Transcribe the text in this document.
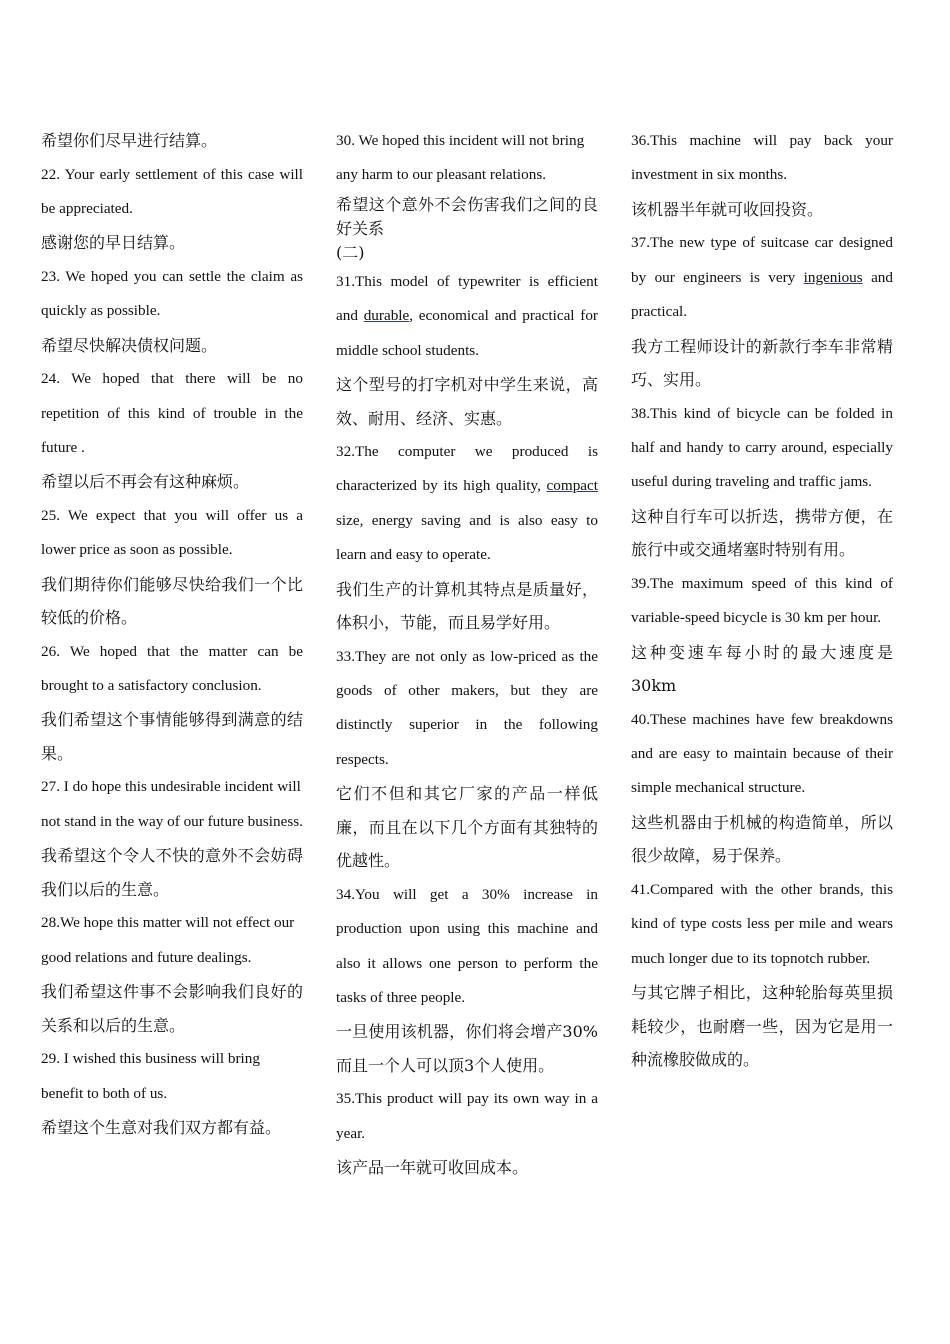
希望你们尽早进行结算。

22. Your early settlement of this case will be appreciated.

感谢您的早日结算。

23. We hoped you can settle the claim as quickly as possible.

希望尽快解决债权问题。

24. We hoped that there will be no repetition of this kind of trouble in the future .

希望以后不再会有这种麻烦。

25. We expect that you will offer us a lower price as soon as possible.

我们期待你们能够尽快给我们一个比较低的价格。

26. We hoped that the matter can be brought to a satisfactory conclusion.

我们希望这个事情能够得到满意的结果。

27. I do hope this undesirable incident will not stand in the way of our future business.

我希望这个令人不快的意外不会妨碍我们以后的生意。

28.We hope this matter will not effect our good relations and future dealings.

我们希望这件事不会影响我们良好的关系和以后的生意。

29. I wished this business will bring benefit to both of us.

希望这个生意对我们双方都有益。

30. We hoped this incident will not bring any harm to our pleasant relations.

希望这个意外不会伤害我们之间的良好关系

(二)

31.This model of typewriter is efficient and durable, economical and practical for middle school students.

这个型号的打字机对中学生来说，高效、耐用、经济、实惠。

32.The computer we produced is characterized by its high quality, compact size, energy saving and is also easy to learn and easy to operate.

我们生产的计算机其特点是质量好，体积小，节能，而且易学好用。

33.They are not only as low-priced as the goods of other makers, but they are distinctly superior in the following respects.

它们不但和其它厂家的产品一样低廉，而且在以下几个方面有其独特的优越性。

34.You will get a 30% increase in production upon using this machine and also it allows one person to perform the tasks of three people.

一旦使用该机器，你们将会增产30%而且一个人可以顶3个人使用。

35.This product will pay its own way in a year.

该产品一年就可收回成本。

36.This machine will pay back your investment in six months.

该机器半年就可收回投资。

37.The new type of suitcase car designed by our engineers is very ingenious and practical.

我方工程师设计的新款行李车非常精巧、实用。

38.This kind of bicycle can be folded in half and handy to carry around, especially useful during traveling and traffic jams.

这种自行车可以折迭，携带方便，在旅行中或交通堵塞时特别有用。

39.The maximum speed of this kind of variable-speed bicycle is 30 km per hour.

这种变速车每小时的最大速度是30km

40.These machines have few breakdowns and are easy to maintain because of their simple mechanical structure.

这些机器由于机械的构造简单，所以很少故障，易于保养。

41.Compared with the other brands, this kind of type costs less per mile and wears much longer due to its topnotch rubber.

与其它牌子相比，这种轮胎每英里损耗较少，也耐磨一些，因为它是用一种流橡胶做成的。
